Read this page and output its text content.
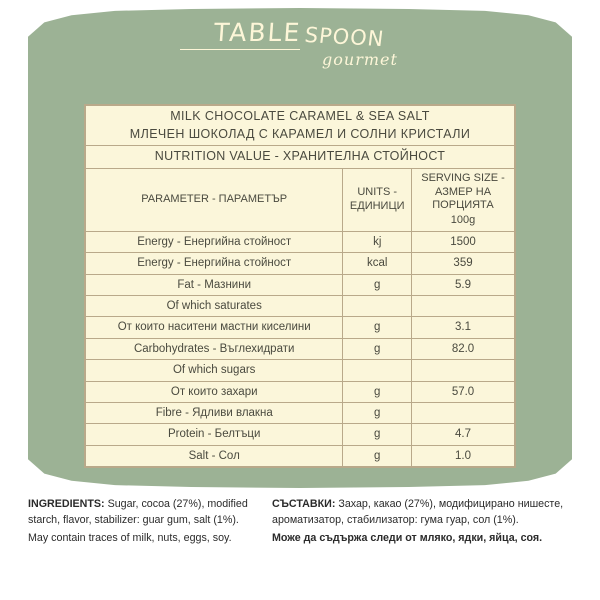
TABLESPOON
gourmet
MILK CHOCOLATE CARAMEL & SEA SALT
МЛЕЧЕН ШОКОЛАД С КАРАМЕЛ И СОЛНИ КРИСТАЛИ		

NUTRITION VALUE - ХРАНИТЕЛНА СТОЙНОСТ		
PARAMETER - ПАРАМЕТЪР	UNITS - ЕДИНИЦИ	SERVING SIZE - АЗМЕР НА ПОРЦИЯТА
100g

Energy - Енергийна стойност	kj	1500
Energy - Енергийна стойност	kcal	359
Fat - Мазнини	g	5.9
Of which saturates		
От които наситени мастни киселини	g	3.1
Carbohydrates - Въглехидрати	g	82.0
Of which sugars		
От които захари	g	57.0
Fibre - Ядливи влакна	g	
Protein - Белтъци	g	4.7
Salt - Сол	g	1.0
INGREDIENTS: Sugar, cocoa (27%), modified starch, flavor, stabilizer: guar gum, salt (1%).
May contain traces of milk, nuts, eggs, soy.
СЪСТАВКИ: Захар, какао (27%), модифицирано нишесте, ароматизатор, стабилизатор: гума гуар, сол (1%).
Може да съдържа следи от мляко, ядки, яйца, соя.
